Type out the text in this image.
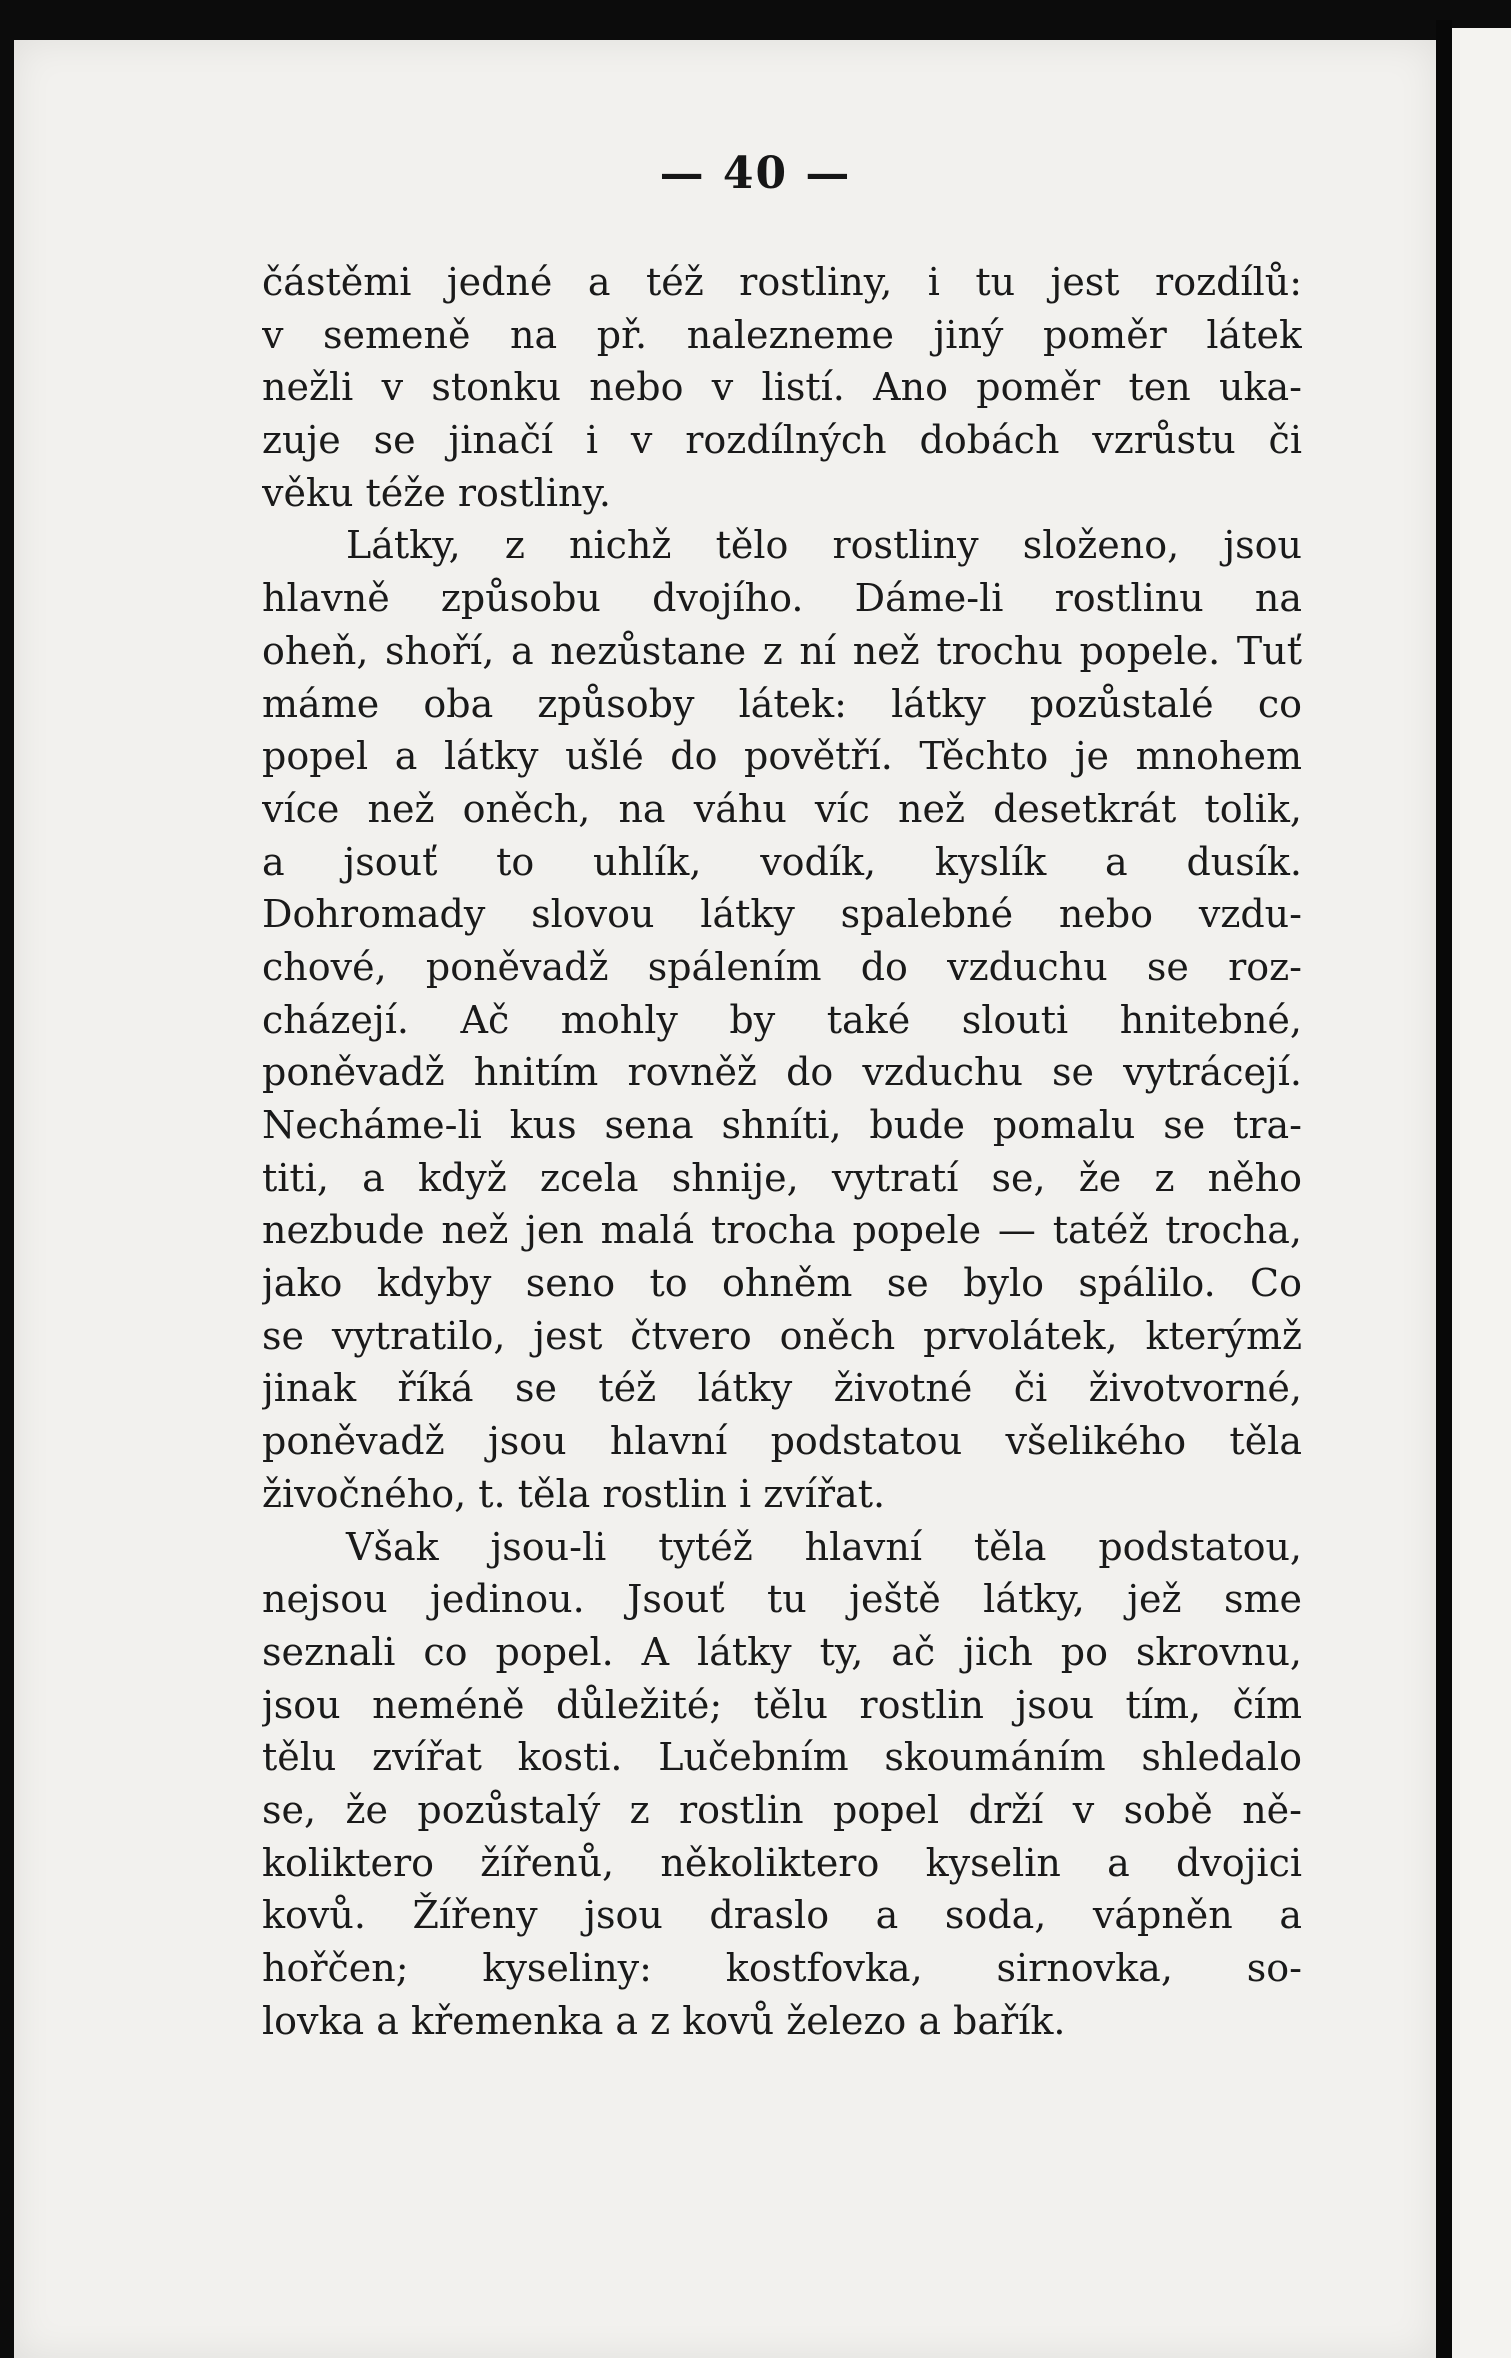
— 40 —
částěmi jedné a též rostliny, i tu jest rozdílů:
v semeně na př. nalezneme jiný poměr látek
nežli v stonku nebo v listí. Ano poměr ten uka-
zuje se jinačí i v rozdílných dobách vzrůstu či
věku téže rostliny.
Látky, z nichž tělo rostliny složeno, jsou
hlavně způsobu dvojího. Dáme-li rostlinu na
oheň, shoří, a nezůstane z ní než trochu popele. Tuť
máme oba způsoby látek: látky pozůstalé co
popel a látky ušlé do povětří. Těchto je mnohem
více než oněch, na váhu víc než desetkrát tolik,
a jsouť to uhlík, vodík, kyslík a dusík.
Dohromady slovou látky spalebné nebo vzdu-
chové, poněvadž spálením do vzduchu se roz-
cházejí. Ač mohly by také slouti hnitebné,
poněvadž hnitím rovněž do vzduchu se vytrácejí.
Necháme-li kus sena shníti, bude pomalu se tra-
titi, a když zcela shnije, vytratí se, že z něho
nezbude než jen malá trocha popele — tatéž trocha,
jako kdyby seno to ohněm se bylo spálilo. Co
se vytratilo, jest čtvero oněch prvolátek, kterýmž
jinak říká se též látky životné či životvorné,
poněvadž jsou hlavní podstatou všelikého těla
živočného, t. těla rostlin i zvířat.
Však jsou-li tytéž hlavní těla podstatou,
nejsou jedinou. Jsouť tu ještě látky, jež sme
seznali co popel. A látky ty, ač jich po skrovnu,
jsou neméně důležité; tělu rostlin jsou tím, čím
tělu zvířat kosti. Lučebním skoumáním shledalo
se, že pozůstalý z rostlin popel drží v sobě ně-
koliktero žířenů, několiktero kyselin a dvojici
kovů. Žířeny jsou draslo a soda, vápněn a
hořčen; kyseliny: kostfovka, sirnovka, so-
lovka a křemenka a z kovů železo a bařík.
